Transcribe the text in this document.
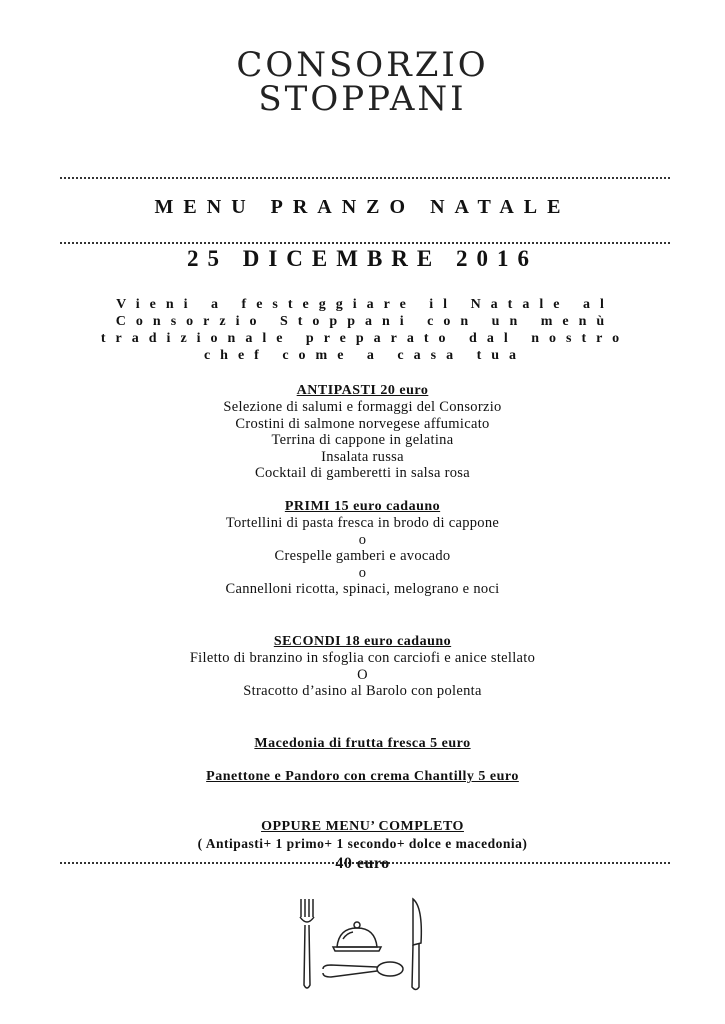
CONSORZIO
STOPPANI
MENU PRANZO NATALE
25 DICEMBRE 2016
Vieni a festeggiare il Natale al
Consorzio Stoppani con un menù
tradizionale preparato dal nostro
chef come a casa tua
ANTIPASTI 20 euro
Selezione di salumi e formaggi del Consorzio
Crostini di salmone norvegese affumicato
Terrina di cappone in gelatina
Insalata russa
Cocktail di gamberetti in salsa rosa
PRIMI 15 euro cadauno
Tortellini di pasta fresca in brodo di cappone
o
Crespelle gamberi e avocado
o
Cannelloni ricotta, spinaci, melograno e noci
SECONDI 18 euro cadauno
Filetto di branzino in sfoglia con carciofi e anice stellato
O
Stracotto d’asino al Barolo con polenta
Macedonia di frutta fresca 5 euro
Panettone e Pandoro con crema Chantilly 5 euro
OPPURE MENU’ COMPLETO
( Antipasti+ 1 primo+ 1 secondo+ dolce e macedonia)
40 euro
